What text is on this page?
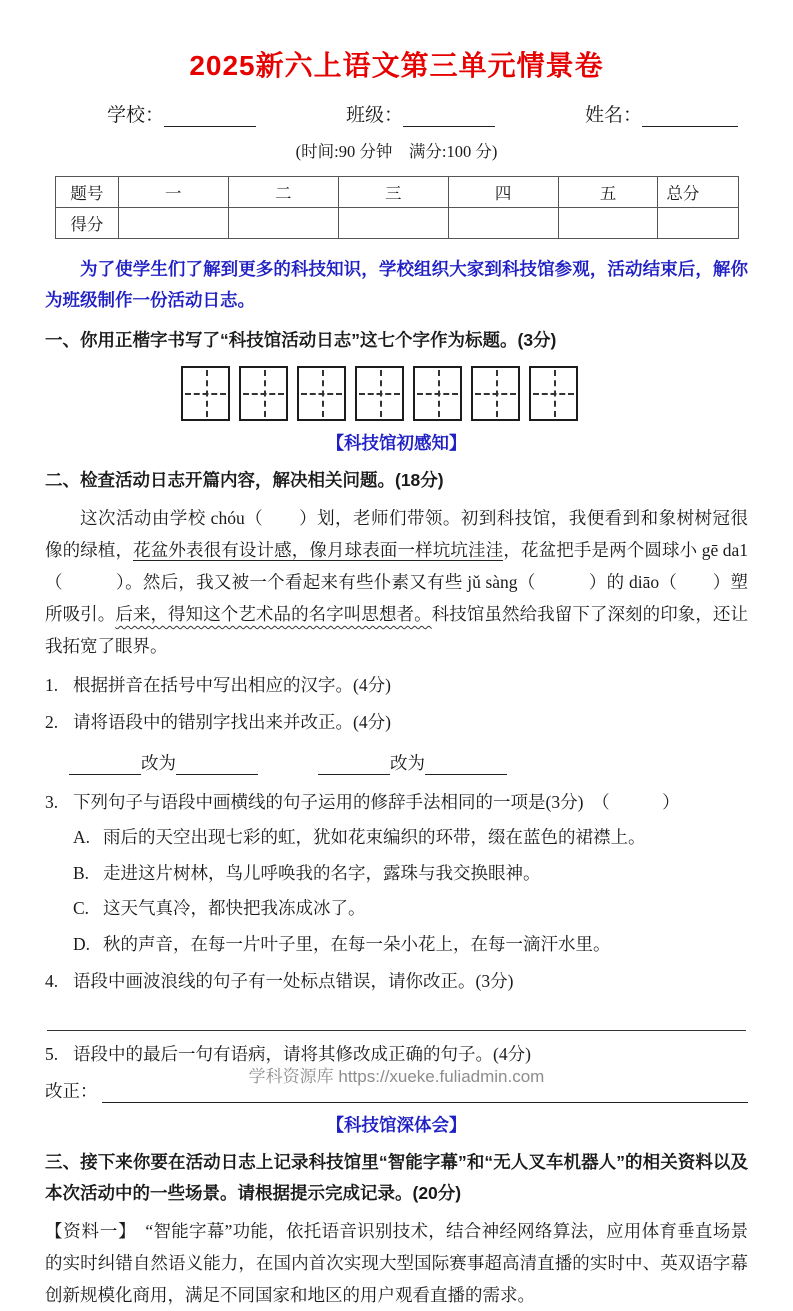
2025新六上语文第三单元情景卷
学校：	班级：	姓名：
(时间:90 分钟　满分:100 分)
题号	一	二	三	四	五	总分
得分						

为了使学生们了解到更多的科技知识，学校组织大家到科技馆参观，活动结束后，解你为班级制作一份活动日志。

一、你用正楷字书写了“科技馆活动日志”这七个字作为标题。(3分)

【科技馆初感知】

二、检查活动日志开篇内容，解决相关问题。(18分)

这次活动由学校 chóu（　　）划，老师们带领。初到科技馆，我便看到和象树树冠很像的绿植，花盆外表很有设计感，像月球表面一样坑坑洼洼，花盆把手是两个圆球小 gē da1（　　　）。然后，我又被一个看起来有些仆素又有些 jǔ sàng（　　　）的 diāo（　　）塑所吸引。后来，得知这个艺术品的名字叫思想者。科技馆虽然给我留下了深刻的印象，还让我拓宽了眼界。

1. 根据拼音在括号中写出相应的汉字。(4分)
2. 请将语段中的错别字找出来并改正。(4分)
改为	改为
3. 下列句子与语段中画横线的句子运用的修辞手法相同的一项是(3分)　（　　　）
A. 雨后的天空出现七彩的虹，犹如花束编织的环带，缀在蓝色的裙襟上。
B. 走进这片树林，鸟儿呼唤我的名字，露珠与我交换眼神。
C. 这天气真冷，都快把我冻成冰了。
D. 秋的声音，在每一片叶子里，在每一朵小花上，在每一滴汗水里。
4. 语段中画波浪线的句子有一处标点错误，请你改正。(3分)
5. 语段中的最后一句有语病，请将其修改成正确的句子。(4分)
改正：
【科技馆深体会】

三、接下来你要在活动日志上记录科技馆里“智能字幕”和“无人叉车机器人”的相关资料以及本次活动中的一些场景。请根据提示完成记录。(20分)

【资料一】　“智能字幕”功能，依托语音识别技术，结合神经网络算法，应用体育垂直场景的实时纠错自然语义能力，在国内首次实现大型国际赛事超高清直播的实时中、英双语字幕创新规模化商用，满足不同国家和地区的用户观看直播的需求。

学科资源库 https://xueke.fuliadmin.com
